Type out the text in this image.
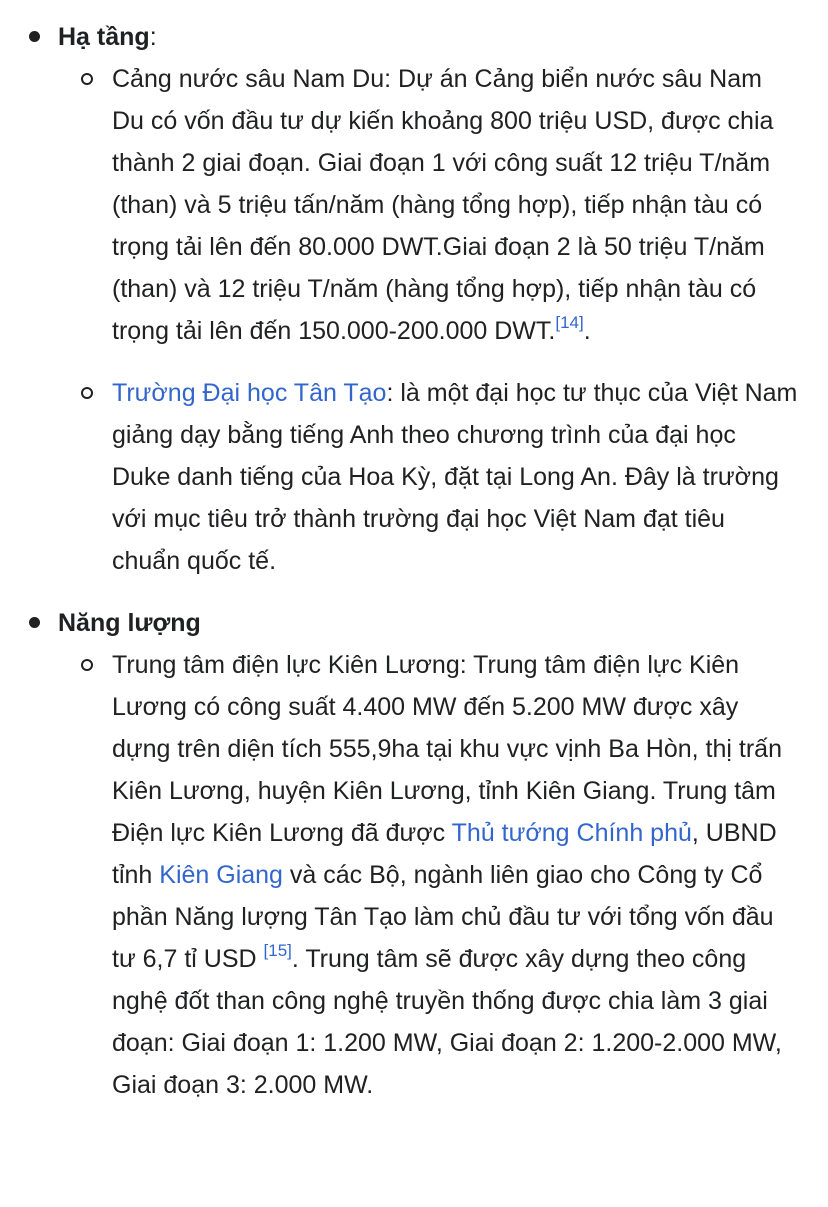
Hạ tầng:
Cảng nước sâu Nam Du: Dự án Cảng biển nước sâu Nam Du có vốn đầu tư dự kiến khoảng 800 triệu USD, được chia thành 2 giai đoạn. Giai đoạn 1 với công suất 12 triệu T/năm (than) và 5 triệu tấn/năm (hàng tổng hợp), tiếp nhận tàu có trọng tải lên đến 80.000 DWT.Giai đoạn 2 là 50 triệu T/năm (than) và 12 triệu T/năm (hàng tổng hợp), tiếp nhận tàu có trọng tải lên đến 150.000-200.000 DWT.[14].
Trường Đại học Tân Tạo: là một đại học tư thục của Việt Nam giảng dạy bằng tiếng Anh theo chương trình của đại học Duke danh tiếng của Hoa Kỳ, đặt tại Long An. Đây là trường với mục tiêu trở thành trường đại học Việt Nam đạt tiêu chuẩn quốc tế.
Năng lượng
Trung tâm điện lực Kiên Lương: Trung tâm điện lực Kiên Lương có công suất 4.400 MW đến 5.200 MW được xây dựng trên diện tích 555,9ha tại khu vực vịnh Ba Hòn, thị trấn Kiên Lương, huyện Kiên Lương, tỉnh Kiên Giang. Trung tâm Điện lực Kiên Lương đã được Thủ tướng Chính phủ, UBND tỉnh Kiên Giang và các Bộ, ngành liên giao cho Công ty Cổ phần Năng lượng Tân Tạo làm chủ đầu tư với tổng vốn đầu tư 6,7 tỉ USD [15]. Trung tâm sẽ được xây dựng theo công nghệ đốt than công nghệ truyền thống được chia làm 3 giai đoạn: Giai đoạn 1: 1.200 MW, Giai đoạn 2: 1.200-2.000 MW, Giai đoạn 3: 2.000 MW.
